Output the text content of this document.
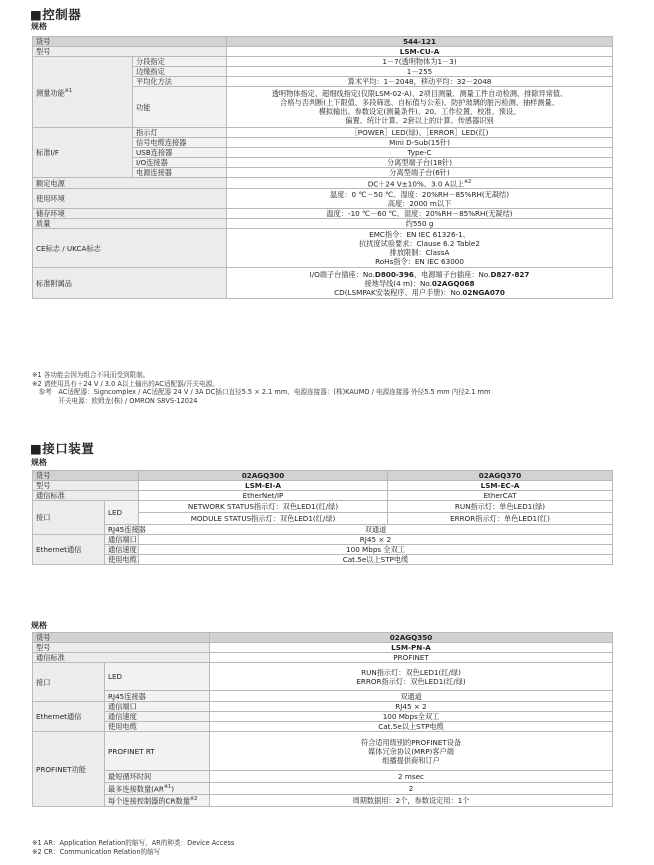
■控制器
规格
货号		544-121
型号		LSM-CU-A
测量功能$^{※1}$	分段指定	1－7(透明物体为1－3)
	边缘指定	1－255
	平均化方法	算术平均：1－2048，移动平均：32－2048
	功能	透明物体指定、超细线指定(仅限LSM-02-A)、2项目测量、测量工件自动检测、排除异常值、
合格与否判断(上下限值、多段筛选、自标值与公差)、防护玻璃的脏污检测、抽样测量、
模拟输出、参数设定(测量条件)、20、工作位置、校准、预设、
偏置、统计计算、2套以上的计算、传感器识别

标准I/F	指示灯	［POWER］LED(绿)、［ERROR］LED(红)
	信号电缆连接器	Mini D-Sub(15针)
	USB连接器	Type-C
	I/O连接器	分离型端子台(18针)
	电源连接器	分离型端子台(6针)
额定电源		DC＋24 V±10%、3.0 A以上$^{※2}$
使用环境		温度：0 ℃－50 ℃、湿度：20%RH－85%RH(无凝结)
高度：2000 m以下

储存环境		温度：-10 ℃－60 ℃、湿度：20%RH－85%RH(无凝结)
质量		约550 g
CE标志 / UKCA标志		EMC指令：EN IEC 61326-1、
抗扰度试验要求：Clause 6.2 Table2
排放限制：ClassA
RoHs指令：EN IEC 63000

标准附属品		I/O端子台插座：No.D800-396、电源端子台插座：No.D827-827
接地导线(4 m)：No.02AGQ068
CD(LSMPAK安装程序、用户手册)：No.02NGA070
※1 各功能会因为组合不同而受到限制。
※2 请使用具有＋24 V / 3.0 A以上输出的AC适配器/开关电源。
　参考　AC适配器：Signcomplex / AC适配器 24 V / 3A DC插口直径5.5 × 2.1 mm、电源连接器：(株)KAUMO / 电源连接器 外径5.5 mm 内径2.1 mm
　　　　开关电源：欧姆龙(株) / OMRON S8VS-12024
■接口装置
规格
货号		02AGQ300	02AGQ370
型号		LSM-EI-A	LSM-EC-A
通信标准		EtherNet/IP	EtherCAT
接口	LED	NETWORK STATUS指示灯：双色LED1(红/绿)	RUN指示灯：单色LED1(绿)
		MODULE STATUS指示灯：双色LED1(红/绿)	ERROR指示灯：单色LED1(红)
	RJ45连接器	双通道	
Ethernet通信	通信端口	RJ45 × 2	
	通信速度	100 Mbps 全双工	
	使用电缆	Cat.5e以上STP电缆	
规格
货号		02AGQ350
型号		LSM-PN-A
通信标准		PROFINET
接口	LED	RUN指示灯：双色LED1(红/绿)
ERROR指示灯：双色LED1(红/绿)

	RJ45连接器	双通道
Ethernet通信	通信端口	RJ45 × 2
	通信速度	100 Mbps全双工
	使用电缆	Cat.5e以上STP电缆
PROFINET功能	PROFINET RT	符合适用级别的PROFINET设备
媒体冗余协议(MRP)客户端
组播提供商和订户

	最短循环时间	2 msec
	最多连接数量(AR$^{※1}$)	2
	每个连接控制器的CR数量$^{※2}$	周期数据用：2个，参数设定用：1个
※1 AR：Application Relation的缩写，AR的种类：Device Access
※2 CR：Communication Relation的缩写
